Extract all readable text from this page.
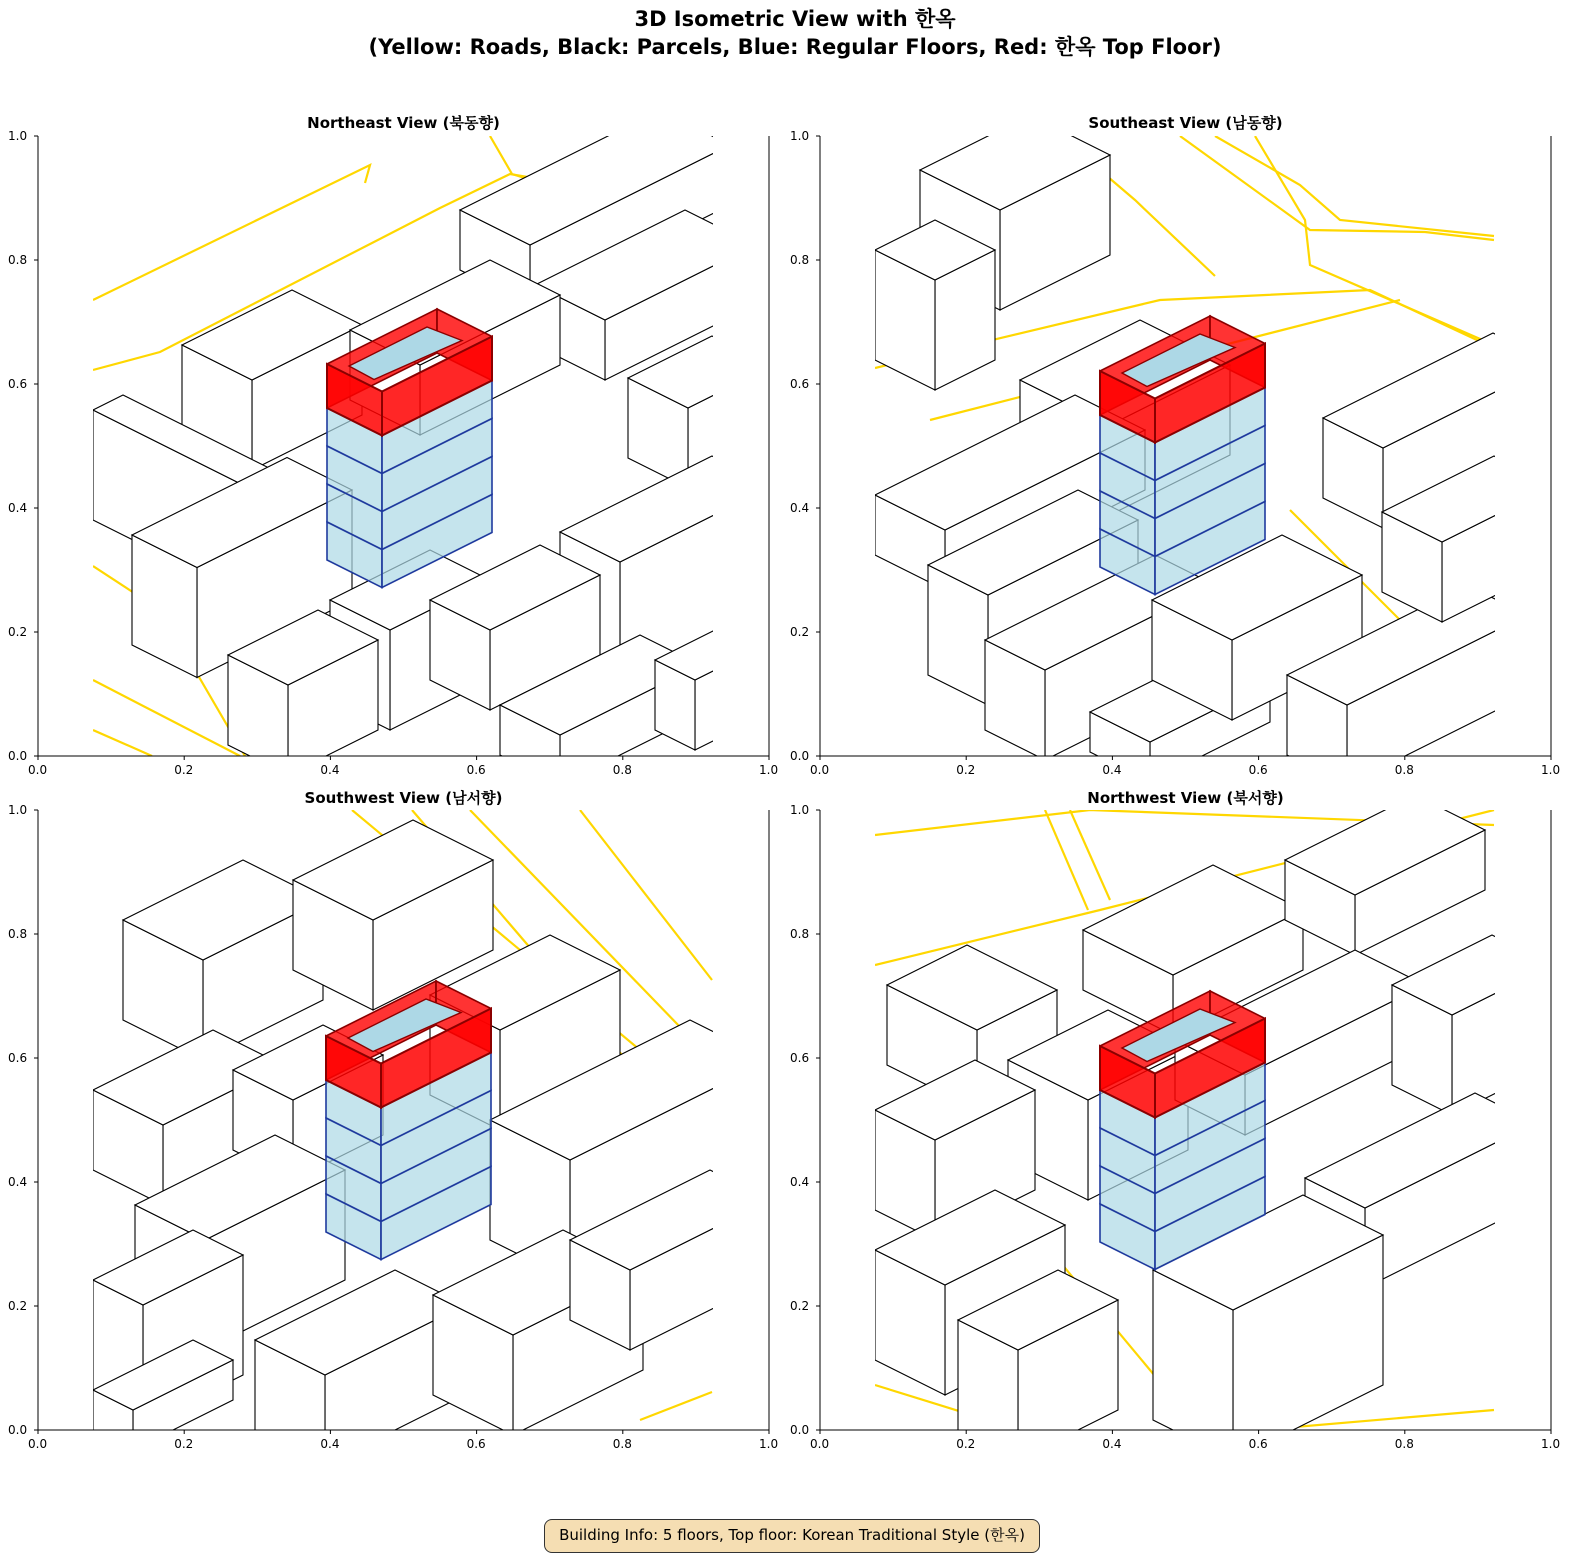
3D Isometric View with 한옥
(Yellow: Roads, Black: Parcels, Blue: Regular Floors, Red: 한옥 Top Floor)
Northeast View (북동향)	Southeast View (남동향)
Southwest View (남서향)	Northwest View (북서향)
0.0	0.2	0.4	0.6	0.8	1.0
0.0
0.2
0.4
0.6
0.8
1.0
0.0	0.2	0.4	0.6	0.8	1.0
0.0
0.2
0.4
0.6
0.8
1.0
0.0	0.2	0.4	0.6	0.8	1.0
0.0
0.2
0.4
0.6
0.8
1.0
0.0	0.2	0.4	0.6	0.8	1.0
0.0
0.2
0.4
0.6
0.8
1.0
Building Info: 5 floors, Top floor: Korean Traditional Style (한옥)
